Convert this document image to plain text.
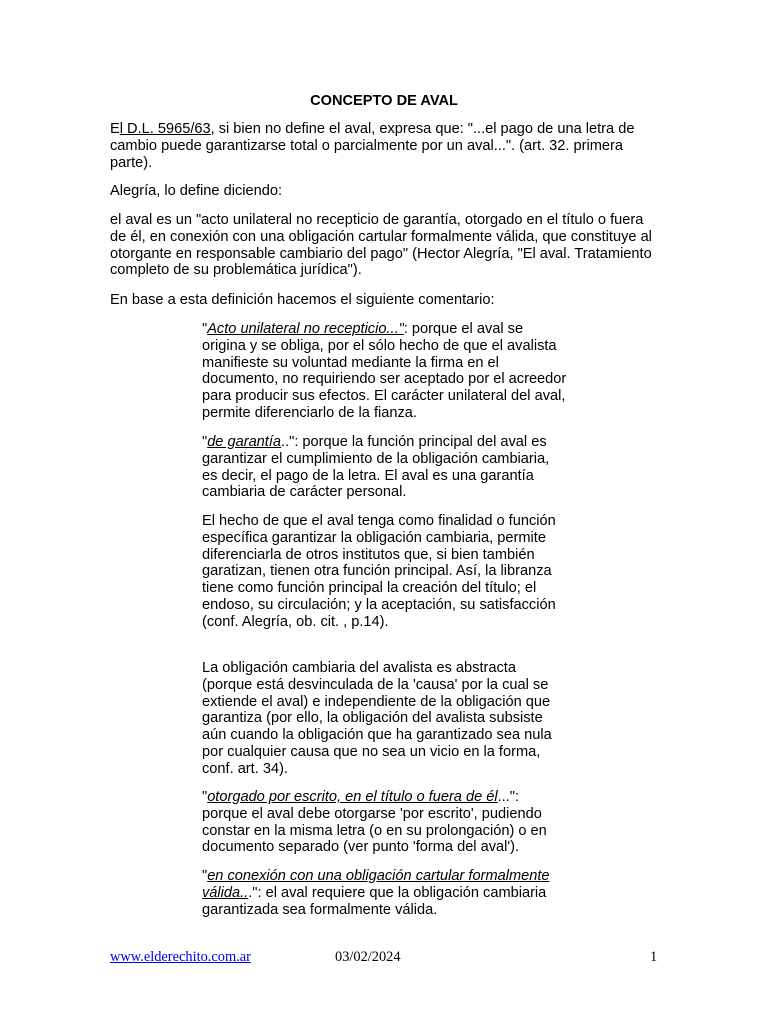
CONCEPTO DE AVAL

El D.L. 5965/63, si bien no define el aval, expresa que: "...el pago de una letra de cambio puede garantizarse total o parcialmente por un aval...". (art. 32. primera parte).

Alegría, lo define diciendo:

el aval es un "acto unilateral no recepticio de garantía, otorgado en el título o fuera de él, en conexión con una obligación cartular formalmente válida, que constituye al otorgante en responsable cambiario del pago" (Hector Alegría, "El aval. Tratamiento completo de su problemática jurídica").

En base a esta definición hacemos el siguiente comentario:

"Acto unilateral no recepticio...": porque el aval se origina y se obliga, por el sólo hecho de que el avalista manifieste su voluntad mediante la firma en el documento, no requiriendo ser aceptado por el acreedor para producir sus efectos. El carácter unilateral del aval, permite diferenciarlo de la fianza.

"de garantía..": porque la función principal del aval es garantizar el cumplimiento de la obligación cambiaria, es decir, el pago de la letra. El aval es una garantía cambiaria de carácter personal.

El hecho de que el aval tenga como finalidad o función específica garantizar la obligación cambiaria, permite diferenciarla de otros institutos que, si bien también garatizan, tienen otra función principal. Así, la libranza tiene como función principal la creación del título; el endoso, su circulación; y la aceptación, su satisfacción (conf. Alegría, ob. cit. , p.14).

La obligación cambiaria del avalista es abstracta (porque está desvinculada de la 'causa' por la cual se extiende el aval) e independiente de la obligación que garantiza (por ello, la obligación del avalista subsiste aún cuando la obligación que ha garantizado sea nula por cualquier causa que no sea un vicio en la forma, conf. art. 34).

"otorgado por escrito, en el título o fuera de él...": porque el aval debe otorgarse 'por escrito', pudiendo constar en la misma letra (o en su prolongación) o en documento separado (ver punto 'forma del aval').

"en conexión con una obligación cartular formalmente válida...": el aval requiere que la obligación cambiaria garantizada sea formalmente válida.

www.elderechito.com.ar	03/02/2024	1
